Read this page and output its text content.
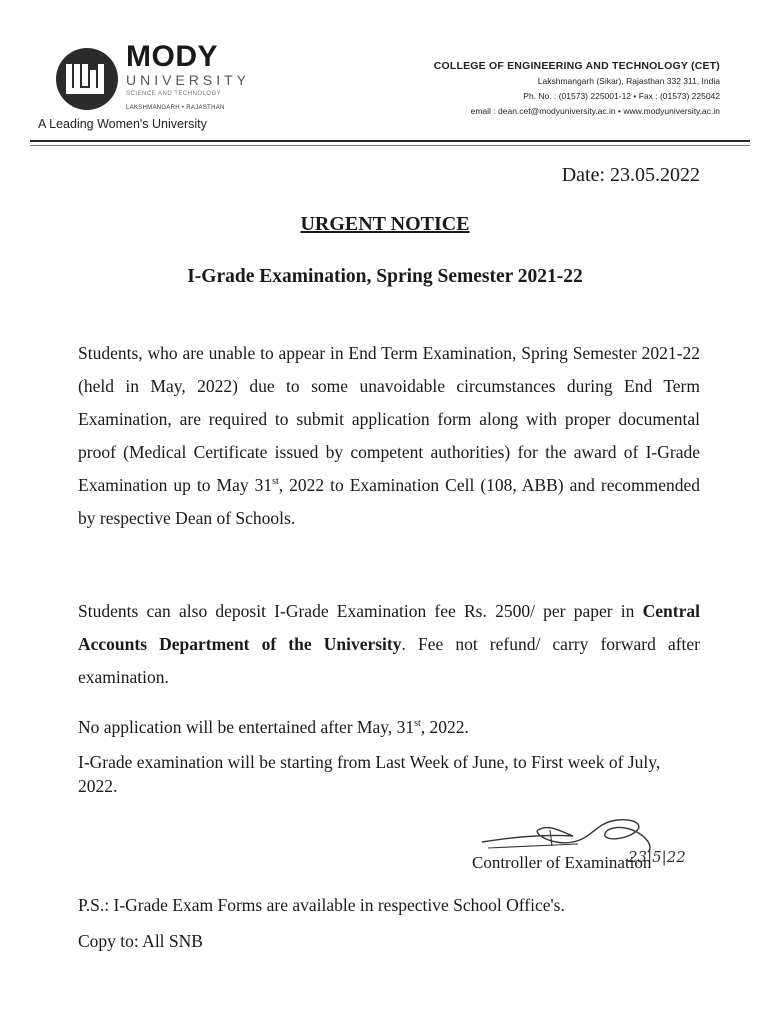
MODY
UNIVERSITY
SCIENCE AND TECHNOLOGY
LAKSHMANGARH • RAJASTHAN
A Leading Women's University
COLLEGE OF ENGINEERING AND TECHNOLOGY (CET)
Lakshmangarh (Sikar), Rajasthan 332 311, India
Ph. No. : (01573) 225001-12 • Fax : (01573) 225042
email : dean.cet@modyuniversity.ac.in • www.modyuniversity.ac.in
Date: 23.05.2022
URGENT NOTICE
I-Grade Examination, Spring Semester 2021-22
Students, who are unable to appear in End Term Examination, Spring Semester 2021-22 (held in May, 2022) due to some unavoidable circumstances during End Term Examination, are required to submit application form along with proper documental proof (Medical Certificate issued by competent authorities) for the award of I-Grade Examination up to May 31st, 2022 to Examination Cell (108, ABB) and recommended by respective Dean of Schools.
Students can also deposit I-Grade Examination fee Rs. 2500/ per paper in Central Accounts Department of the University. Fee not refund/ carry forward after examination.
No application will be entertained after May, 31st, 2022.
I-Grade examination will be starting from Last Week of June, to First week of July, 2022.
23|5|22
Controller of Examination
P.S.: I-Grade Exam Forms are available in respective School Office's.
Copy to: All SNB
